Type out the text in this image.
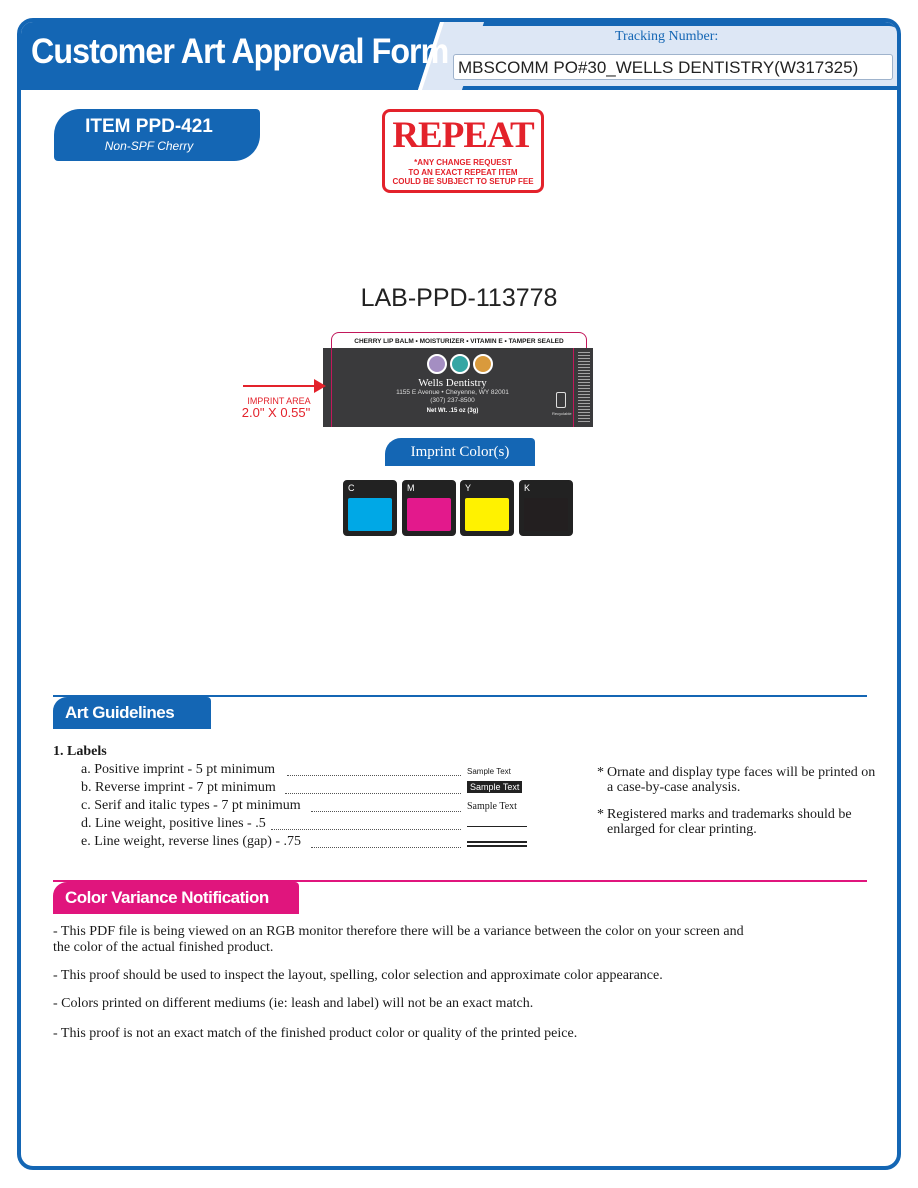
Customer Art Approval Form	Tracking Number:
MBSCOMM PO#30_WELLS DENTISTRY(W317325)
ITEM PPD-421
Non-SPF Cherry	REPEAT
*ANY CHANGE REQUEST
TO AN EXACT REPEAT ITEM
COULD BE SUBJECT TO SETUP FEE
LAB-PPD-113778
CHERRY LIP BALM • MOISTURIZER • VITAMIN E • TAMPER SEALED
Wells Dentistry
1155 E Avenue • Cheyenne, WY 82001
(307) 237-8500
Net Wt. .15 oz (3g)	Recyclable
IMPRINT AREA
2.0" X 0.55"
Imprint Color(s)
C	M	Y	K
Art Guidelines
1. Labels
a. Positive imprint - 5 pt minimum	Sample Text
b. Reverse imprint - 7 pt minimum	Sample Text
c. Serif and italic types - 7 pt minimum	Sample Text
d. Line weight, positive lines - .5
e. Line weight, reverse lines (gap) - .75
* Ornate and display type faces will be printed on a case-by-case analysis.
* Registered marks and trademarks should be enlarged for clear printing.
Color Variance Notification
- This PDF file is being viewed on an RGB monitor therefore there will be a variance between the color on your screen and the color of the actual finished product.
- This proof should be used to inspect the layout, spelling, color selection and approximate color appearance.
- Colors printed on different mediums (ie: leash and label) will not be an exact match.
- This proof is not an exact match of the finished product color or quality of the printed peice.
